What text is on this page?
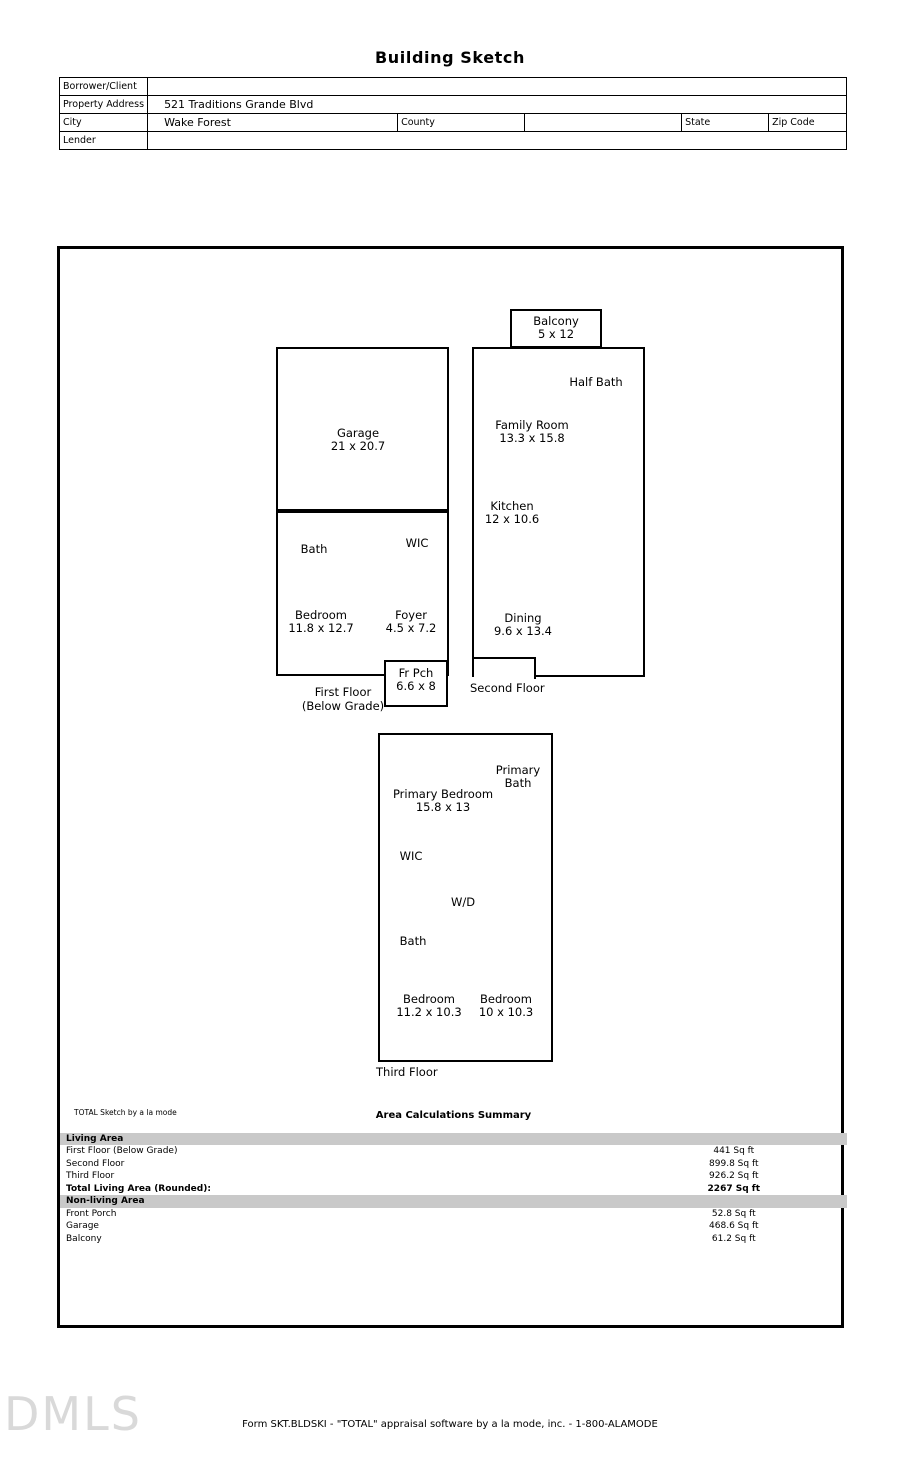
Building Sketch
Borrower/Client					
Property Address	521 Traditions Grande Blvd				
City	Wake Forest	County		State	Zip Code
Lender					
Balcony
5 x 12
Half Bath
Family Room
13.3 x 15.8
Kitchen
12 x 10.6
Dining
9.6 x 13.4
Second Floor
Garage
21 x 20.7
Bath	WIC
Bedroom
11.8 x 12.7
Foyer
4.5 x 7.2
First Floor
(Below Grade)
Fr Pch
6.6 x 8
Primary
Bath
Primary Bedroom
15.8 x 13
WIC
W/D
Bath
Bedroom
11.2 x 10.3
Bedroom
10 x 10.3
Third Floor
TOTAL Sketch by a la mode	Area Calculations Summary
Living Area		
First Floor (Below Grade)	441 Sq ft	
Second Floor	899.8 Sq ft	
Third Floor	926.2 Sq ft	
Total Living Area (Rounded):	2267 Sq ft	
Non-living Area		
Front Porch	52.8 Sq ft	
Garage	468.6 Sq ft	
Balcony	61.2 Sq ft	
DMLS	Form SKT.BLDSKI - "TOTAL" appraisal software by a la mode, inc. - 1-800-ALAMODE
